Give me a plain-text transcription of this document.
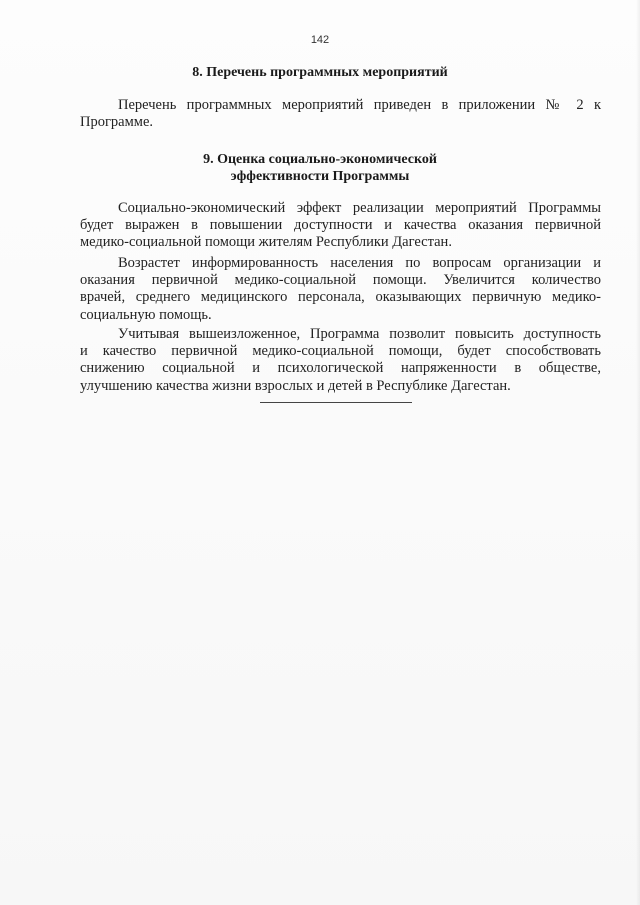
142
8. Перечень программных мероприятий
Перечень программных мероприятий приведен в приложении № 2 к
Программе.
9. Оценка социально-экономической
эффективности Программы
Социально-экономический эффект реализации мероприятий Программы
будет выражен в повышении доступности и качества оказания первичной
медико-социальной помощи жителям Республики Дагестан.
Возрастет информированность населения по вопросам организации и
оказания первичной медико-социальной помощи. Увеличится количество
врачей, среднего медицинского персонала, оказывающих первичную медико-
социальную помощь.
Учитывая вышеизложенное, Программа позволит повысить доступность
и качество первичной медико-социальной помощи, будет способствовать
снижению социальной и психологической напряженности в обществе,
улучшению качества жизни взрослых и детей в Республике Дагестан.
